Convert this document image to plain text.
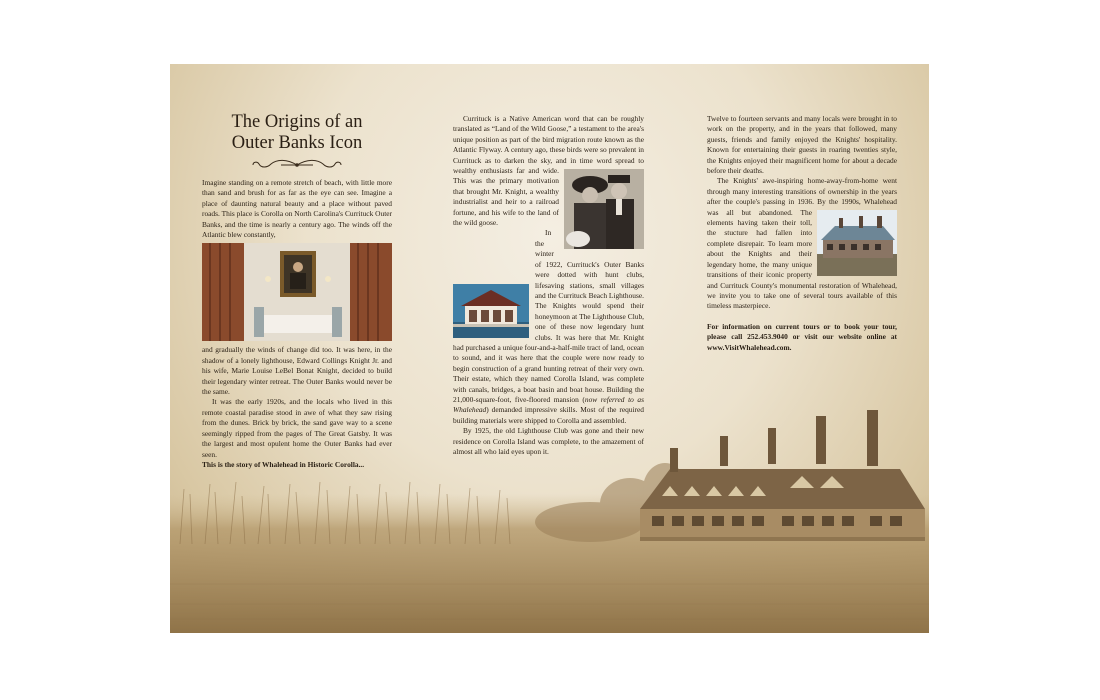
The Origins of an
Outer Banks Icon

Imagine standing on a remote stretch of beach, with little more than sand and brush for as far as the eye can see. Imagine a place of daunting natural beauty and a place without paved roads. This place is Corolla on North Carolina's Currituck Outer Banks, and the time is nearly a century ago. The winds off the Atlantic blew constantly,

and gradually the winds of change did too. It was here, in the shadow of a lonely lighthouse, Edward Collings Knight Jr. and his wife, Marie Louise LeBel Bonat Knight, decided to build their legendary winter retreat. The Outer Banks would never be the same.

It was the early 1920s, and the locals who lived in this remote coastal paradise stood in awe of what they saw rising from the dunes. Brick by brick, the sand gave way to a scene seemingly ripped from the pages of The Great Gatsby. It was the largest and most opulent home the Outer Banks had ever seen.

This is the story of Whalehead in Historic Corolla...

Currituck is a Native American word that can be roughly translated as “Land of the Wild Goose,” a testament to the area's unique position as part of the bird migration route known as the Atlantic Flyway. A century ago, these birds were so prevalent in Currituck as to darken the sky, and in time word spread to wealthy enthusiasts far and wide. This was the primary motivation that brought Mr. Knight, a wealthy industrialist and heir to a railroad fortune, and his wife to the land of the wild goose.

In the winter of 1922, Currituck's Outer Banks were dotted with hunt clubs, lifesaving stations, small villages and the Currituck Beach Lighthouse. The Knights would spend their honeymoon at The Lighthouse Club, one of these now legendary hunt clubs. It was here that Mr. Knight had purchased a unique four-and-a-half-mile tract of land, ocean to sound, and it was here that the couple were now ready to begin construction of a grand hunting retreat of their very own. Their estate, which they named Corolla Island, was complete with canals, bridges, a boat basin and boat house. Building the 21,000-square-foot, five-floored mansion (now referred to as Whalehead) demanded impressive skills. Most of the required building materials were shipped to Corolla and assembled.

By 1925, the old Lighthouse Club was gone and their new residence on Corolla Island was complete, to the amazement of almost all who laid eyes upon it.

Twelve to fourteen servants and many locals were brought in to work on the property, and in the years that followed, many guests, friends and family enjoyed the Knights' hospitality. Known for entertaining their guests in roaring twenties style, the Knights enjoyed their magnificent home for about a decade before their deaths.

The Knights' awe-inspiring home-away-from-home went through many interesting transitions of ownership in the years after the couple's passing in 1936. By the 1990s, Whalehead was all but abandoned. The elements having taken their toll, the stucture had fallen into complete disrepair. To learn more about the Knights and their legendary home, the many unique transitions of their iconic property and Currituck County's monumental restoration of Whalehead, we invite you to take one of several tours available of this timeless masterpiece.

For information on current tours or to book your tour, please call 252.453.9040 or visit our website online at www.VisitWhalehead.com.
